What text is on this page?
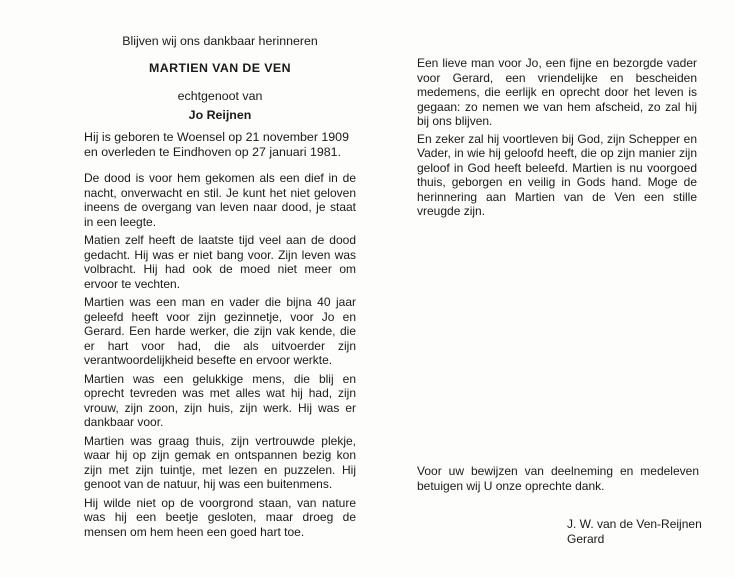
Blijven wij ons dankbaar herinneren

MARTIEN VAN DE VEN

echtgenoot van

Jo Reijnen

Hij is geboren te Woensel op 21 november 1909 en overleden te Eindhoven op 27 januari 1981.

De dood is voor hem gekomen als een dief in de nacht, onverwacht en stil. Je kunt het niet geloven ineens de overgang van leven naar dood, je staat in een leegte.

Matien zelf heeft de laatste tijd veel aan de dood gedacht. Hij was er niet bang voor. Zijn leven was volbracht. Hij had ook de moed niet meer om ervoor te vechten.

Martien was een man en vader die bijna 40 jaar geleefd heeft voor zijn gezinnetje, voor Jo en Gerard. Een harde werker, die zijn vak kende, die er hart voor had, die als uitvoerder zijn verantwoordelijkheid besefte en ervoor werkte.

Martien was een gelukkige mens, die blij en oprecht tevreden was met alles wat hij had, zijn vrouw, zijn zoon, zijn huis, zijn werk. Hij was er dankbaar voor.

Martien was graag thuis, zijn vertrouwde plekje, waar hij op zijn gemak en ontspannen bezig kon zijn met zijn tuintje, met lezen en puzzelen. Hij genoot van de natuur, hij was een buitenmens.

Hij wilde niet op de voorgrond staan, van nature was hij een beetje gesloten, maar droeg de mensen om hem heen een goed hart toe.

Een lieve man voor Jo, een fijne en bezorgde vader voor Gerard, een vriendelijke en bescheiden medemens, die eerlijk en oprecht door het leven is gegaan: zo nemen we van hem afscheid, zo zal hij bij ons blijven.

En zeker zal hij voortleven bij God, zijn Schepper en Vader, in wie hij geloofd heeft, die op zijn manier zijn geloof in God heeft beleefd. Martien is nu voorgoed thuis, geborgen en veilig in Gods hand. Moge de herinnering aan Martien van de Ven een stille vreugde zijn.

Voor uw bewijzen van deelneming en medeleven betuigen wij U onze oprechte dank.

J. W. van de Ven-Reijnen
Gerard
